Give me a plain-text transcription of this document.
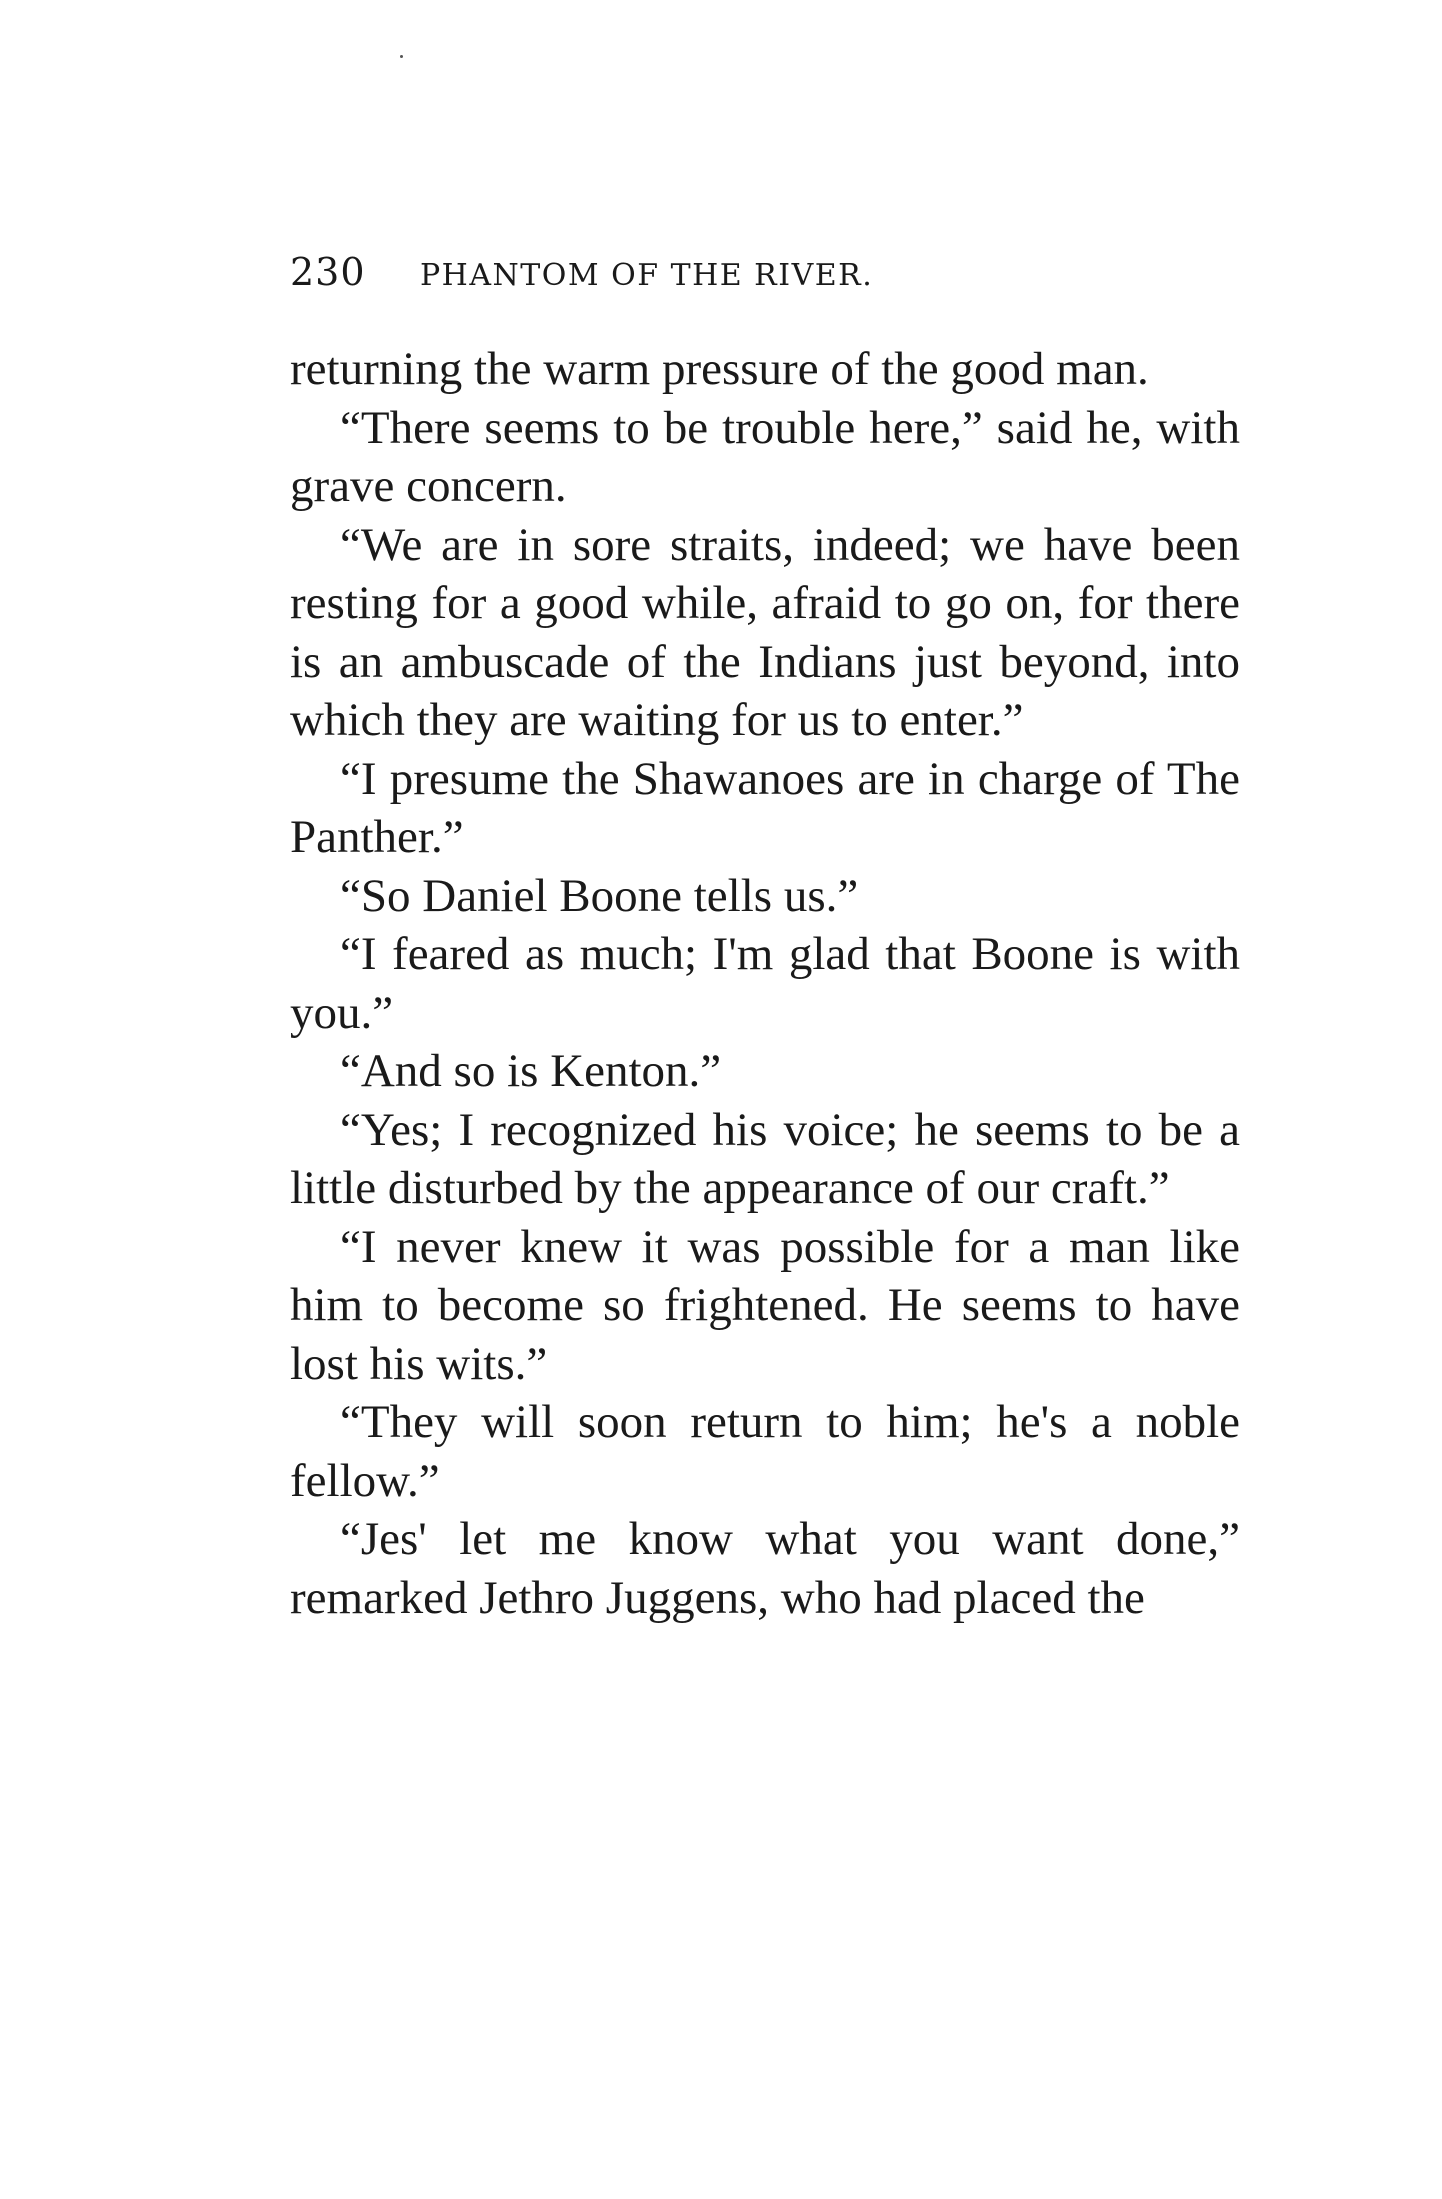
230 PHANTOM OF THE RIVER.

returning the warm pressure of the good man.

“There seems to be trouble here,” said he, with grave concern.

“We are in sore straits, indeed; we have been resting for a good while, afraid to go on, for there is an ambuscade of the Indians just beyond, into which they are waiting for us to enter.”

“I presume the Shawanoes are in charge of The Panther.”

“So Daniel Boone tells us.”

“I feared as much; I'm glad that Boone is with you.”

“And so is Kenton.”

“Yes; I recognized his voice; he seems to be a little disturbed by the appearance of our craft.”

“I never knew it was possible for a man like him to become so frightened. He seems to have lost his wits.”

“They will soon return to him; he's a noble fellow.”

“Jes' let me know what you want done,” remarked Jethro Juggens, who had placed the
